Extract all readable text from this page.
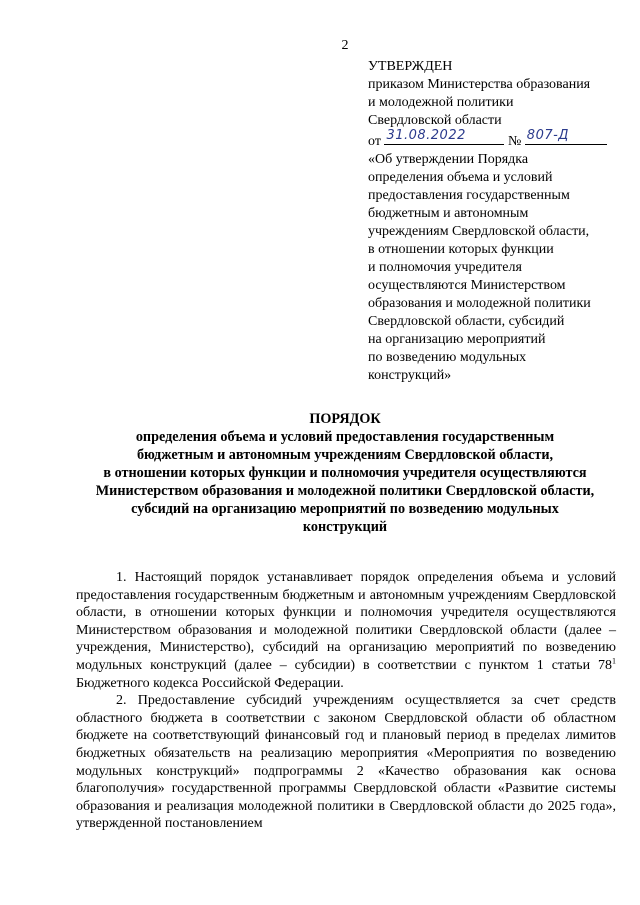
2
УТВЕРЖДЕН
приказом Министерства образования
и молодежной политики
Свердловской области
от 31.08.2022	№ 807-Д
«Об утверждении Порядка
определения объема и условий
предоставления государственным
бюджетным и автономным
учреждениям Свердловской области,
в отношении которых функции
и полномочия учредителя
осуществляются Министерством
образования и молодежной политики
Свердловской области, субсидий
на организацию мероприятий
по возведению модульных
конструкций»
ПОРЯДОК
определения объема и условий предоставления государственным
бюджетным и автономным учреждениям Свердловской области,
в отношении которых функции и полномочия учредителя осуществляются
Министерством образования и молодежной политики Свердловской области,
субсидий на организацию мероприятий по возведению модульных
конструкций

1. Настоящий порядок устанавливает порядок определения объема и условий предоставления государственным бюджетным и автономным учреждениям Свердловской области, в отношении которых функции и полномочия учредителя осуществляются Министерством образования и молодежной политики Свердловской области (далее – учреждения, Министерство), субсидий на организацию мероприятий по возведению модульных конструкций (далее – субсидии) в соответствии с пунктом 1 статьи $78^1$ Бюджетного кодекса Российской Федерации.

2. Предоставление субсидий учреждениям осуществляется за счет средств областного бюджета в соответствии с законом Свердловской области об областном бюджете на соответствующий финансовый год и плановый период в пределах лимитов бюджетных обязательств на реализацию мероприятия «Мероприятия по возведению модульных конструкций» подпрограммы 2 «Качество образования как основа благополучия» государственной программы Свердловской области «Развитие системы образования и реализация молодежной политики в Свердловской области до 2025 года», утвержденной постановлением
